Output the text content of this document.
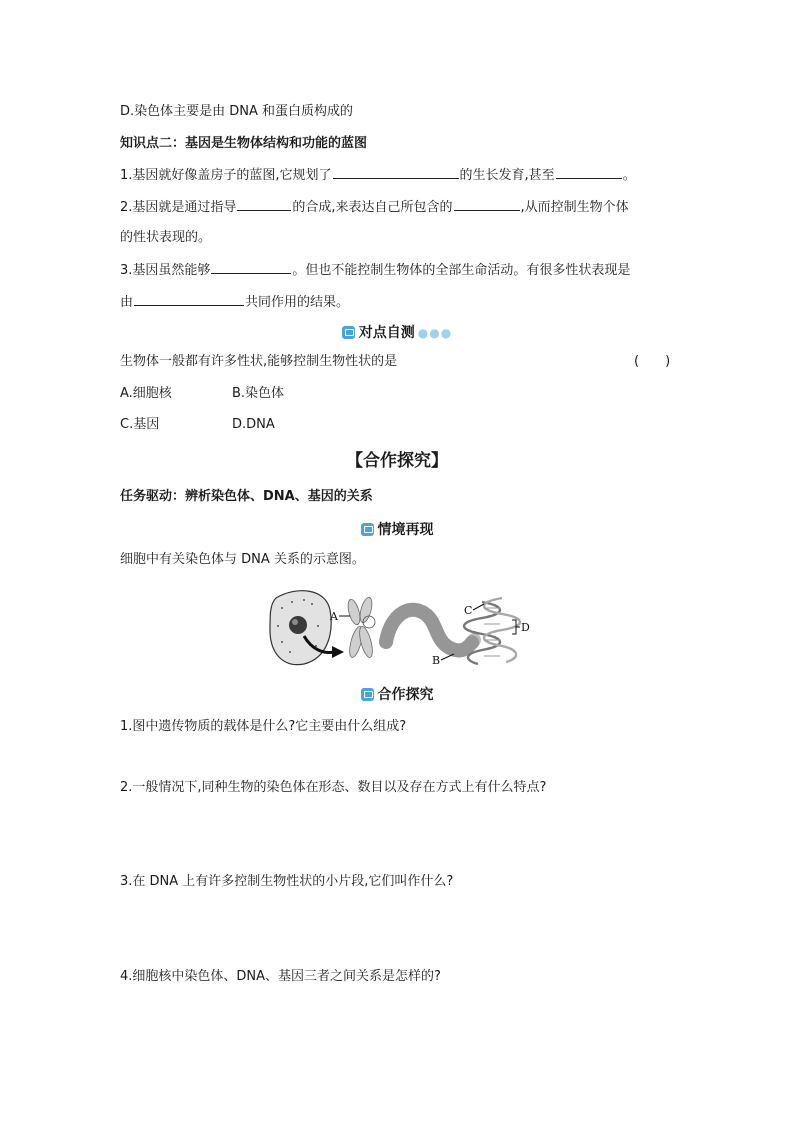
D.染色体主要是由 DNA 和蛋白质构成的
知识点二：基因是生物体结构和功能的蓝图
1.基因就好像盖房子的蓝图,它规划了	的生长发育,甚至	。
2.基因就是通过指导	的合成,来表达自己所包含的	,从而控制生物个体
的性状表现的。
3.基因虽然能够	。但也不能控制生物体的全部生命活动。有很多性状表现是
由	共同作用的结果。
对点自测 ●●●
生物体一般都有许多性状,能够控制生物性状的是	(　　)
A.细胞核	B.染色体
C.基因	D.DNA
【合作探究】
任务驱动：辨析染色体、DNA、基因的关系
情境再现
细胞中有关染色体与 DNA 关系的示意图。
A	C
B
D
合作探究
1.图中遗传物质的载体是什么?它主要由什么组成?
2.一般情况下,同种生物的染色体在形态、数目以及存在方式上有什么特点?
3.在 DNA 上有许多控制生物性状的小片段,它们叫作什么?
4.细胞核中染色体、DNA、基因三者之间关系是怎样的?
